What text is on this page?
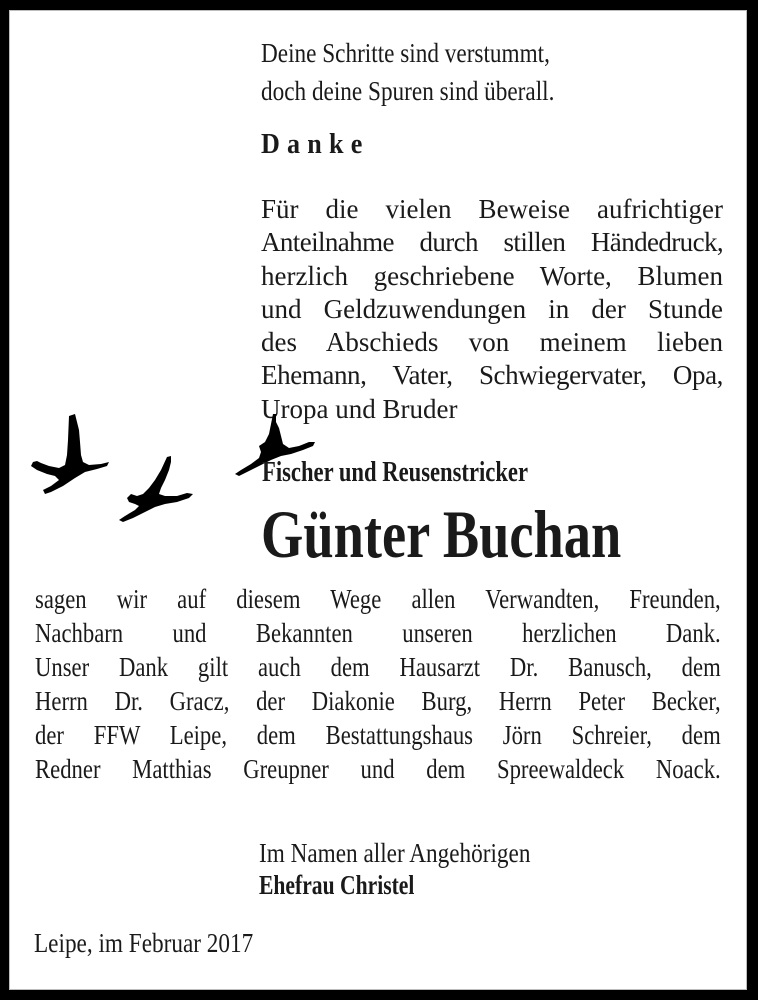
Deine Schritte sind verstummt,
doch deine Spuren sind überall.
Danke
Für die vielen Beweise aufrichtiger
Anteilnahme durch stillen Händedruck,
herzlich geschriebene Worte, Blumen
und Geldzuwendungen in der Stunde
des Abschieds von meinem lieben
Ehemann, Vater, Schwiegervater, Opa,
Uropa und Bruder
Fischer und Reusenstricker
Günter Buchan
sagen wir auf diesem Wege allen Verwandten, Freunden,
Nachbarn und Bekannten unseren herzlichen Dank.
Unser Dank gilt auch dem Hausarzt Dr. Banusch, dem
Herrn Dr. Gracz, der Diakonie Burg, Herrn Peter Becker,
der FFW Leipe, dem Bestattungshaus Jörn Schreier, dem
Redner Matthias Greupner und dem Spreewaldeck Noack.
Im Namen aller Angehörigen
Ehefrau Christel
Leipe, im Februar 2017
